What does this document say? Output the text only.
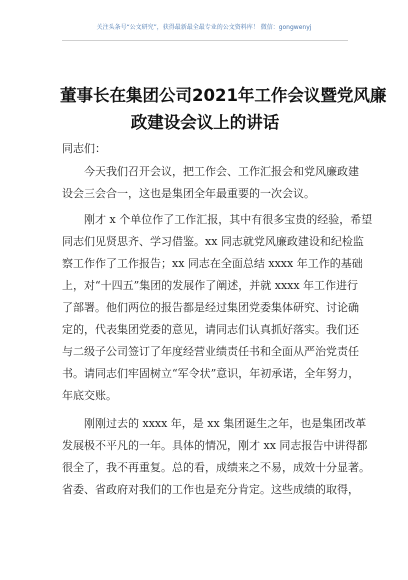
关注头条号“公文研究”，获得最新最全最专业的公文资料库！ 微信：gongwenyj
董事长在集团公司2021年工作会议暨党风廉
政建设会议上的讲话
同志们：
今天我们召开会议，把工作会、工作汇报会和党风廉政建
设会三会合一，这也是集团全年最重要的一次会议。
刚才 x 个单位作了工作汇报，其中有很多宝贵的经验，希望
同志们见贤思齐、学习借鉴。xx 同志就党风廉政建设和纪检监
察工作作了工作报告；xx 同志在全面总结 xxxx 年工作的基础
上，对“十四五”集团的发展作了阐述，并就 xxxx 年工作进行
了部署。他们两位的报告都是经过集团党委集体研究、讨论确
定的，代表集团党委的意见，请同志们认真抓好落实。我们还
与二级子公司签订了年度经营业绩责任书和全面从严治党责任
书。请同志们牢固树立“军令状”意识，年初承诺，全年努力，
年底交账。
刚刚过去的 xxxx 年，是 xx 集团诞生之年，也是集团改革
发展极不平凡的一年。具体的情况，刚才 xx 同志报告中讲得都
很全了，我不再重复。总的看，成绩来之不易，成效十分显著。
省委、省政府对我们的工作也是充分肯定。这些成绩的取得，
